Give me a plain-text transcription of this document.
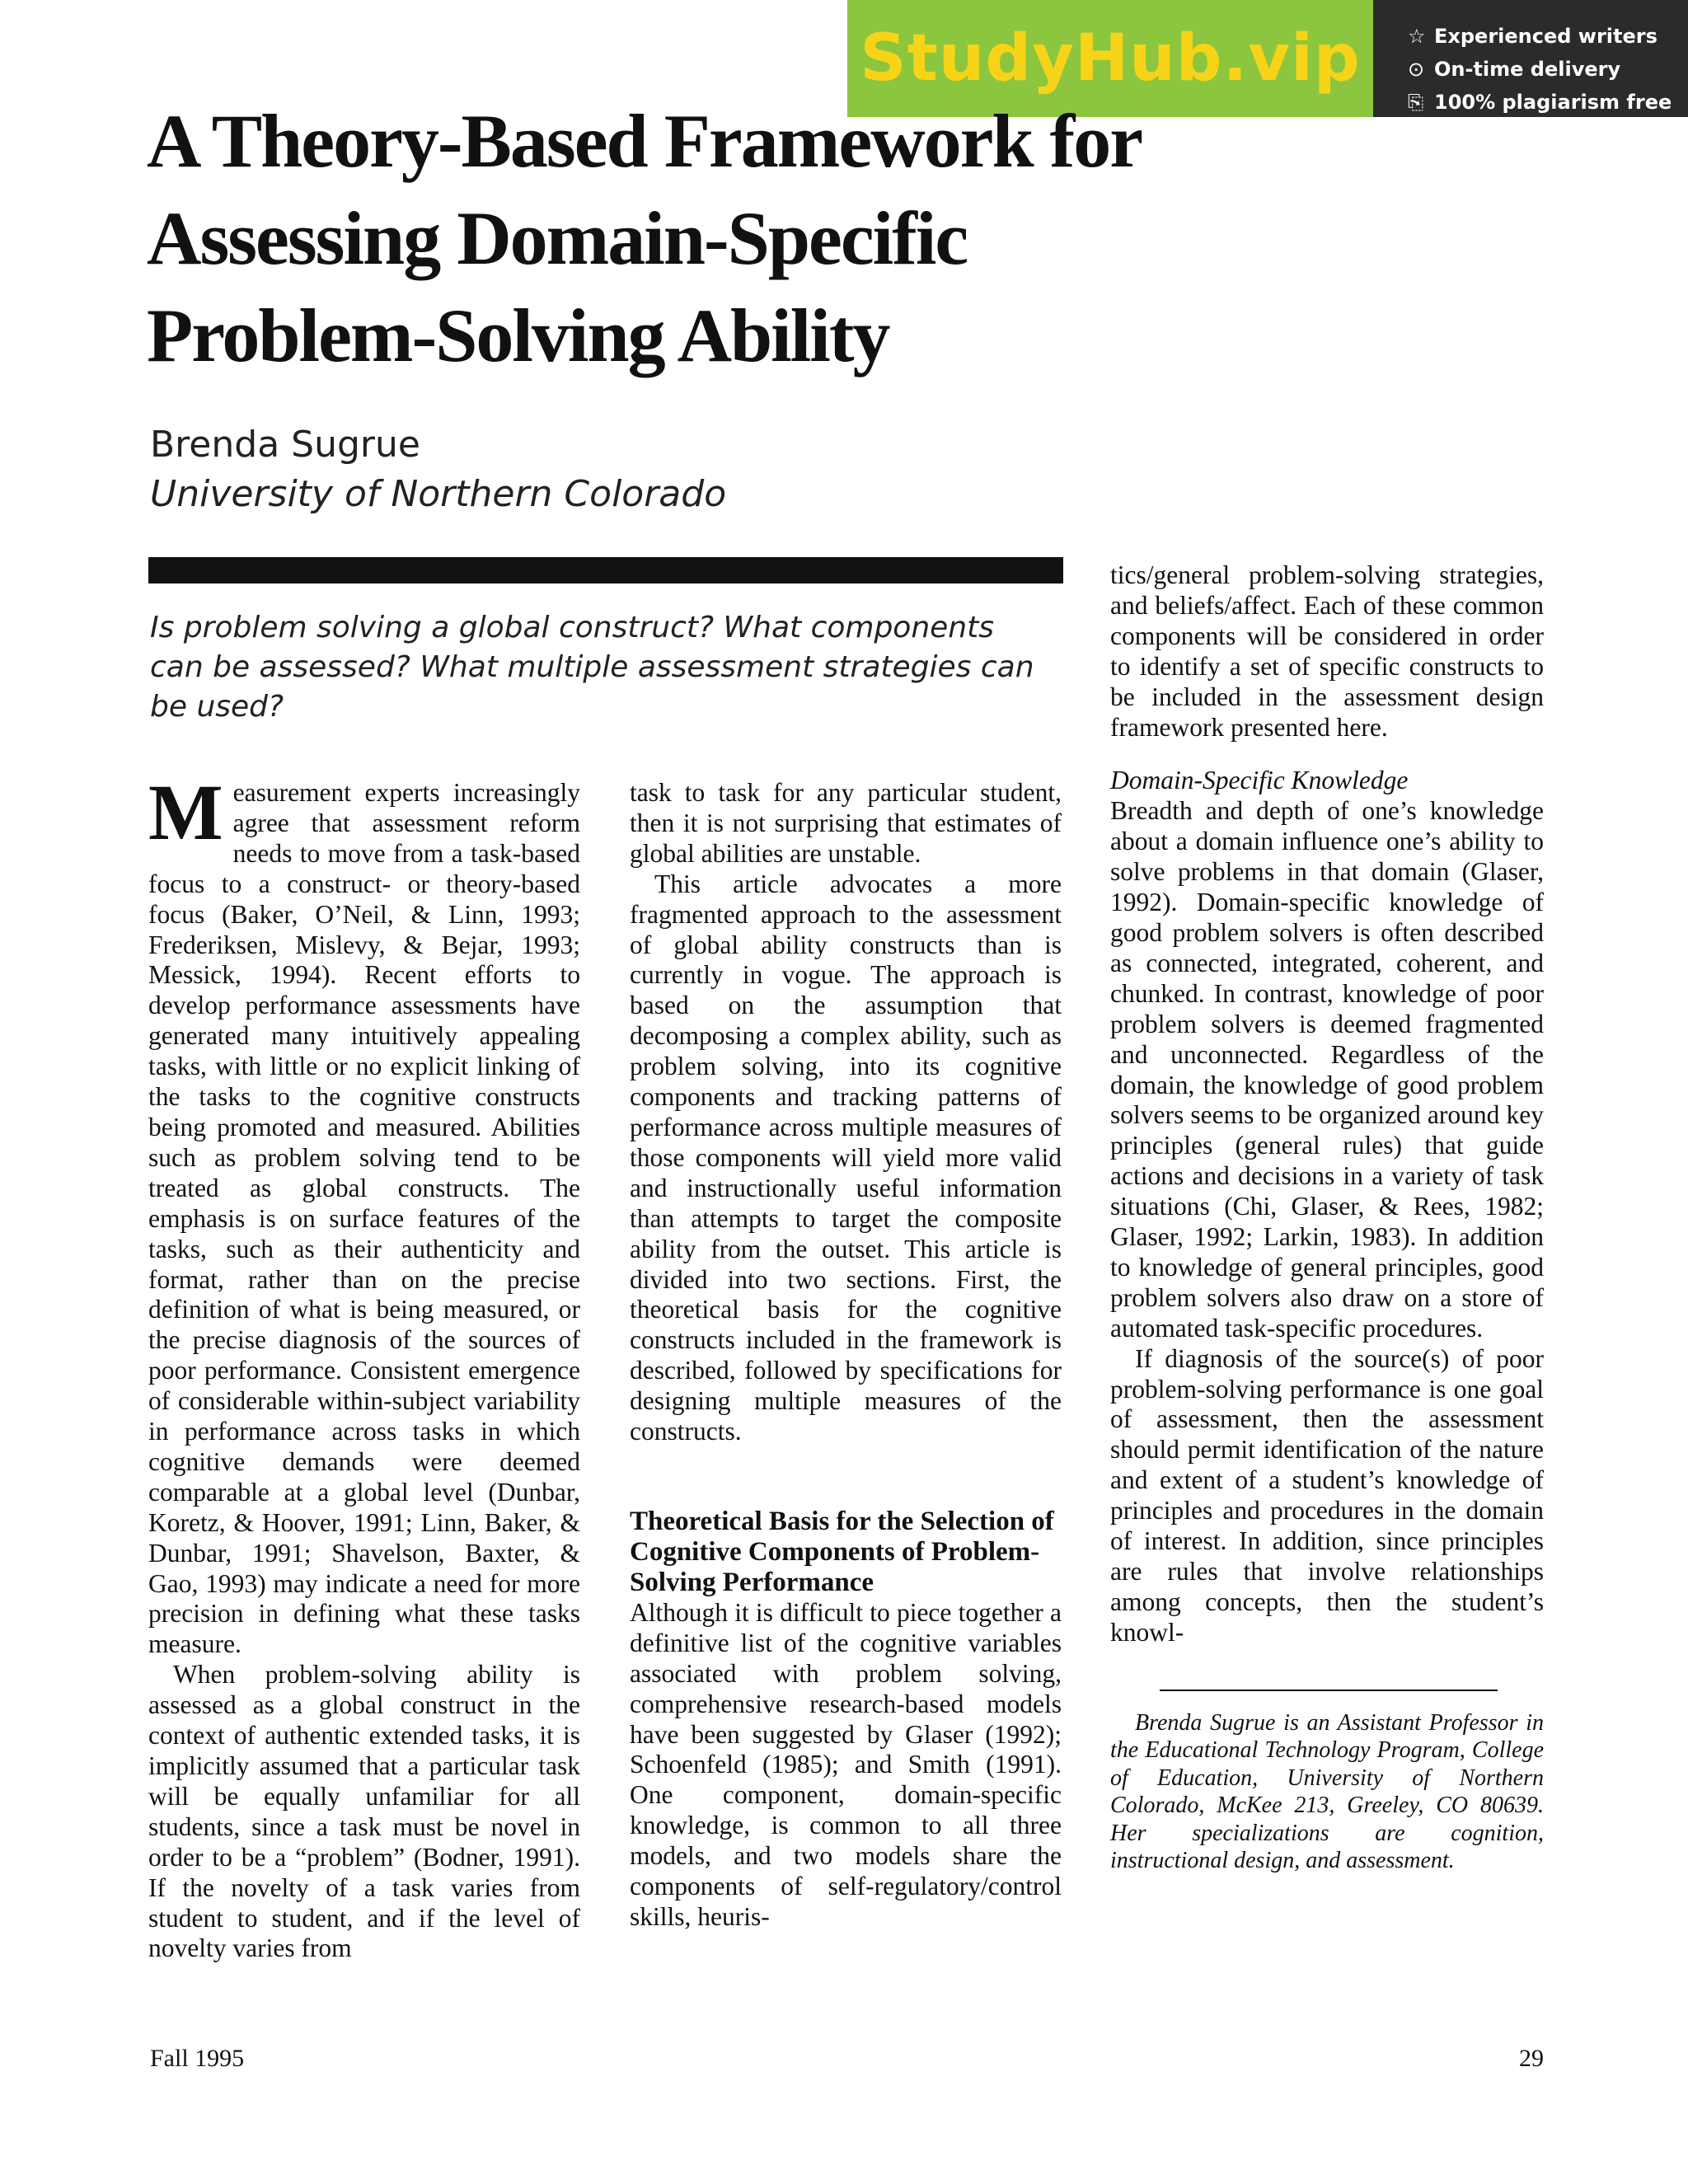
StudyHub.vip ☆ Experienced writers
⊙ On-time delivery
⎘ 100% plagiarism free
A Theory-Based Framework for
Assessing Domain-Specific
Problem-Solving Ability
Brenda Sugrue
University of Northern Colorado
Is problem solving a global construct? What components can be assessed? What multiple assessment strategies can be used?

Measurement experts increasingly agree that assessment reform needs to move from a task-based focus to a construct- or theory-based focus (Baker, O’Neil, & Linn, 1993; Frederiksen, Mislevy, & Bejar, 1993; Messick, 1994). Recent efforts to develop performance assessments have generated many intuitively appealing tasks, with little or no explicit linking of the tasks to the cognitive constructs being promoted and measured. Abilities such as problem solving tend to be treated as global constructs. The emphasis is on surface features of the tasks, such as their authenticity and format, rather than on the precise definition of what is being measured, or the precise diagnosis of the sources of poor performance. Consistent emergence of considerable within-subject variability in performance across tasks in which cognitive demands were deemed comparable at a global level (Dunbar, Koretz, & Hoover, 1991; Linn, Baker, & Dunbar, 1991; Shavelson, Baxter, & Gao, 1993) may indicate a need for more precision in defining what these tasks measure.

When problem-solving ability is assessed as a global construct in the context of authentic extended tasks, it is implicitly assumed that a particular task will be equally unfamiliar for all students, since a task must be novel in order to be a “problem” (Bodner, 1991). If the novelty of a task varies from student to student, and if the level of novelty varies from

task to task for any particular student, then it is not surprising that estimates of global abilities are unstable.

This article advocates a more fragmented approach to the assessment of global ability constructs than is currently in vogue. The approach is based on the assumption that decomposing a complex ability, such as problem solving, into its cognitive components and tracking patterns of performance across multiple measures of those components will yield more valid and instructionally useful information than attempts to target the composite ability from the outset. This article is divided into two sections. First, the theoretical basis for the cognitive constructs included in the framework is described, followed by specifications for designing multiple measures of the constructs.

Theoretical Basis for the Selection of Cognitive Components of Problem-Solving Performance

Although it is difficult to piece together a definitive list of the cognitive variables associated with problem solving, comprehensive research-based models have been suggested by Glaser (1992); Schoenfeld (1985); and Smith (1991). One component, domain-specific knowledge, is common to all three models, and two models share the components of self-regulatory/control skills, heuris-

tics/general problem-solving strategies, and beliefs/affect. Each of these common components will be considered in order to identify a set of specific constructs to be included in the assessment design framework presented here.

Domain-Specific Knowledge

Breadth and depth of one’s knowledge about a domain influence one’s ability to solve problems in that domain (Glaser, 1992). Domain-specific knowledge of good problem solvers is often described as connected, integrated, coherent, and chunked. In contrast, knowledge of poor problem solvers is deemed fragmented and unconnected. Regardless of the domain, the knowledge of good problem solvers seems to be organized around key principles (general rules) that guide actions and decisions in a variety of task situations (Chi, Glaser, & Rees, 1982; Glaser, 1992; Larkin, 1983). In addition to knowledge of general principles, good problem solvers also draw on a store of automated task-specific procedures.

If diagnosis of the source(s) of poor problem-solving performance is one goal of assessment, then the assessment should permit identification of the nature and extent of a student’s knowledge of principles and procedures in the domain of interest. In addition, since principles are rules that involve relationships among concepts, then the student’s knowl-

Brenda Sugrue is an Assistant Professor in the Educational Technology Program, College of Education, University of Northern Colorado, McKee 213, Greeley, CO 80639. Her specializations are cognition, instructional design, and assessment.
Fall 1995	29
